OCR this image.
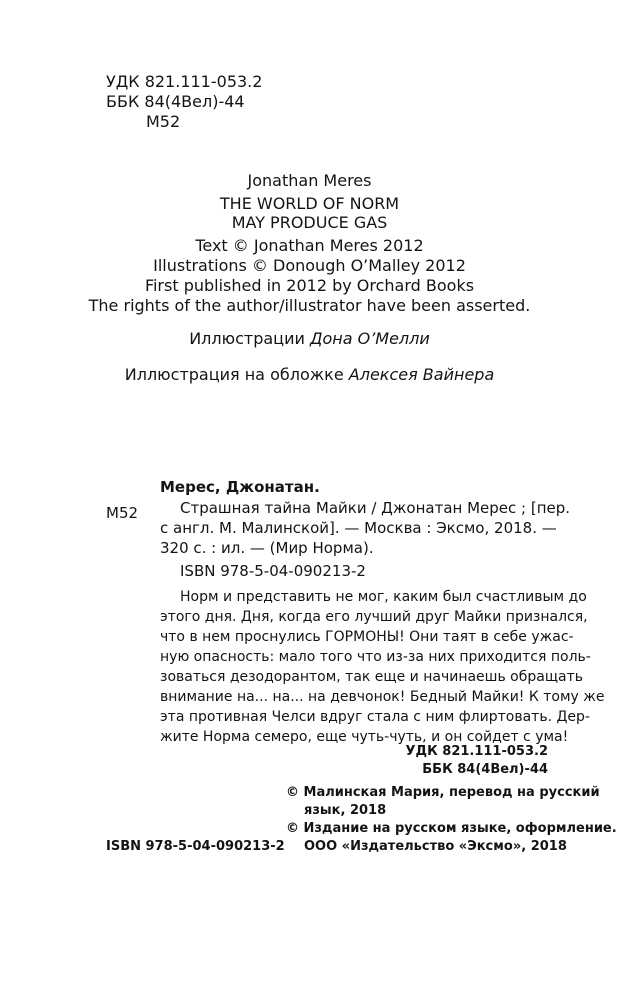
УДК 821.111-053.2
ББК 84(4Вел)-44
М52
Jonathan Meres
THE WORLD OF NORM
MAY PRODUCE GAS
Text © Jonathan Meres 2012
Illustrations © Donough O’Malley 2012
First published in 2012 by Orchard Books
The rights of the author/illustrator have been asserted.
Иллюстрации Дона О’Мелли
Иллюстрация на обложке Алексея Вайнера
Мерес, Джонатан.
М52	Страшная тайна Майки / Джонатан Мерес ; [пер.
с англ. М. Малинской]. — Москва : Эксмо, 2018. —
320 с. : ил. — (Мир Норма).
ISBN 978-5-04-090213-2
Норм и представить не мог, каким был счастливым до
этого дня. Дня, когда его лучший друг Майки признался,
что в нем проснулись ГОРМОНЫ! Они таят в себе ужас-
ную опасность: мало того что из-за них приходится поль-
зоваться дезодорантом, так еще и начинаешь обращать
внимание на... на... на девчонок! Бедный Майки! К тому же
эта противная Челси вдруг стала с ним флиртовать. Дер-
жите Норма семеро, еще чуть-чуть, и он сойдет с ума!
УДК 821.111-053.2
ББК 84(4Вел)-44
© Малинская Мария, перевод на русский
язык, 2018
© Издание на русском языке, оформление.
ООО «Издательство «Эксмо», 2018
ISBN 978-5-04-090213-2
